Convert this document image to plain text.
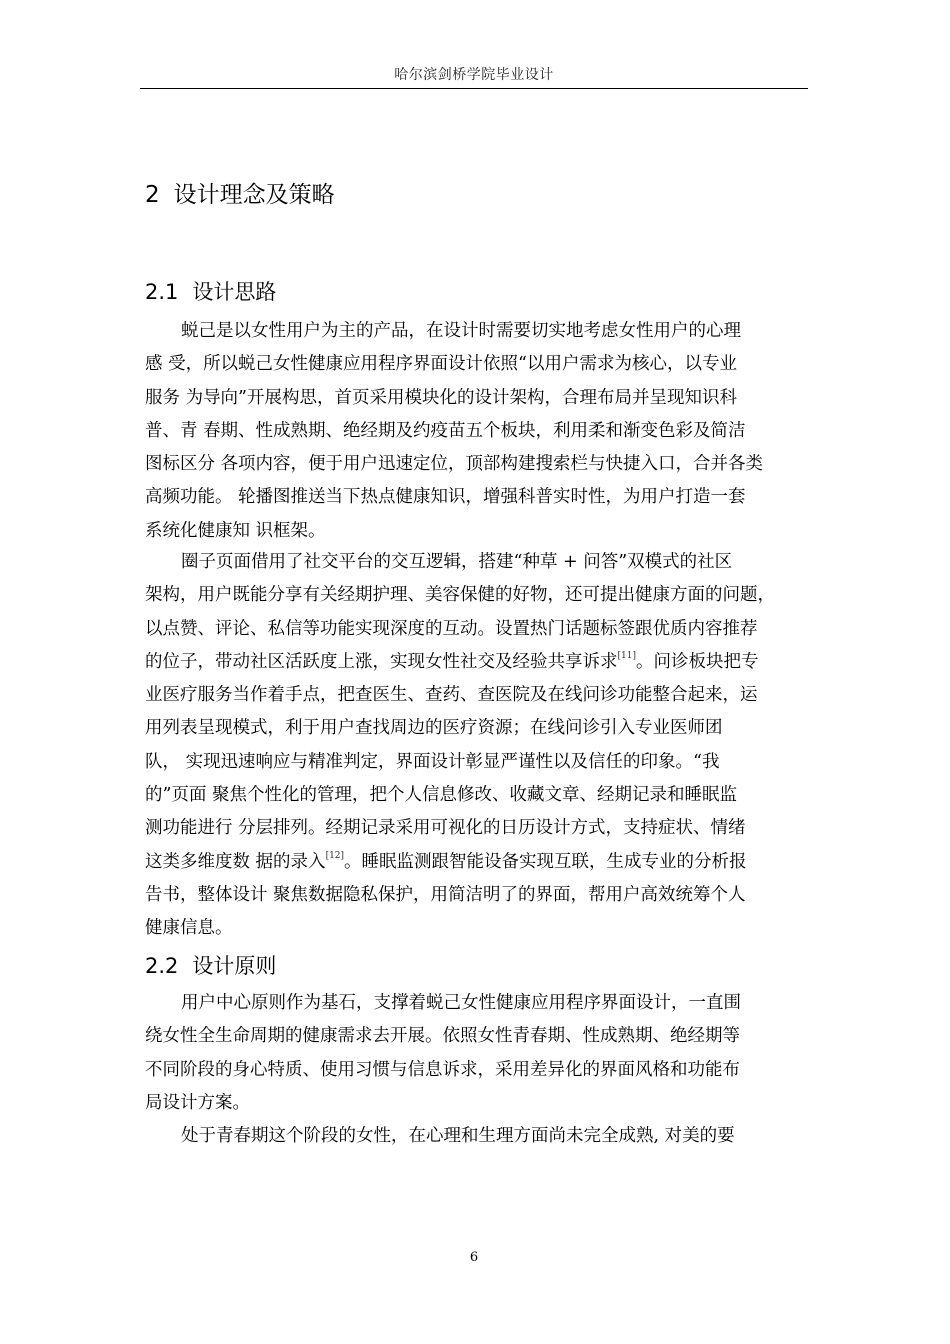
哈尔滨剑桥学院毕业设计
2 设计理念及策略
2.1 设计思路
蜕己是以女性用户为主的产品，在设计时需要切实地考虑女性用户的心理
感 受，所以蜕己女性健康应用程序界面设计依照“以用户需求为核心，以专业
服务 为导向”开展构思，首页采用模块化的设计架构，合理布局并呈现知识科
普、青 春期、性成熟期、绝经期及约疫苗五个板块，利用柔和渐变色彩及简洁
图标区分 各项内容，便于用户迅速定位，顶部构建搜索栏与快捷入口，合并各类
高频功能。 轮播图推送当下热点健康知识，增强科普实时性，为用户打造一套
系统化健康知 识框架。
圈子页面借用了社交平台的交互逻辑，搭建“种草 + 问答”双模式的社区
架构，用户既能分享有关经期护理、美容保健的好物，还可提出健康方面的问题，
以点赞、评论、私信等功能实现深度的互动。设置热门话题标签跟优质内容推荐
的位子，带动社区活跃度上涨，实现女性社交及经验共享诉求[11]。问诊板块把专
业医疗服务当作着手点，把查医生、查药、查医院及在线问诊功能整合起来，运
用列表呈现模式，利于用户查找周边的医疗资源；在线问诊引入专业医师团
队， 实现迅速响应与精准判定，界面设计彰显严谨性以及信任的印象。“我
的”页面 聚焦个性化的管理，把个人信息修改、收藏文章、经期记录和睡眠监
测功能进行 分层排列。经期记录采用可视化的日历设计方式，支持症状、情绪
这类多维度数 据的录入[12]。睡眠监测跟智能设备实现互联，生成专业的分析报
告书，整体设计 聚焦数据隐私保护，用简洁明了的界面，帮用户高效统筹个人
健康信息。
2.2 设计原则
用户中心原则作为基石，支撑着蜕己女性健康应用程序界面设计，一直围
绕女性全生命周期的健康需求去开展。依照女性青春期、性成熟期、绝经期等
不同阶段的身心特质、使用习惯与信息诉求，采用差异化的界面风格和功能布
局设计方案。
处于青春期这个阶段的女性，在心理和生理方面尚未完全成熟, 对美的要
6
